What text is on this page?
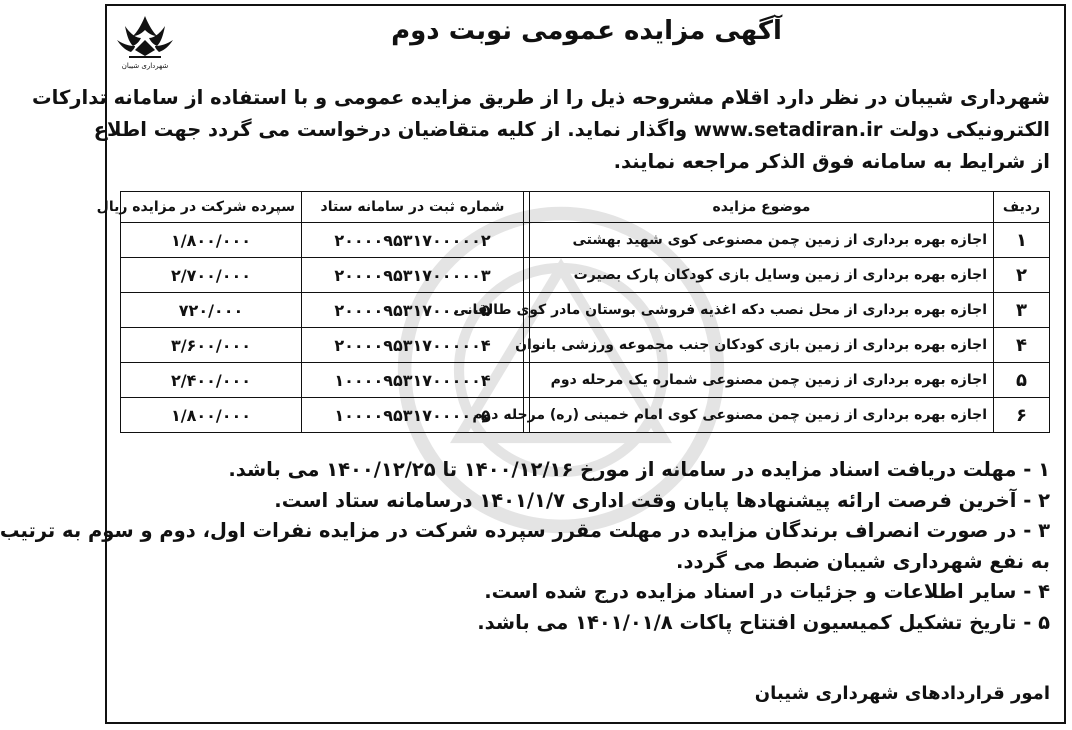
شهرداری شیبان
آگهی مزایده عمومی نوبت دوم

شهرداری شیبان در نظر دارد اقلام مشروحه ذیل را از طریق مزایده عمومی و با استفاده از سامانه تدارکات

الکترونیکی دولت www.setadiran.ir واگذار نماید. از کلیه متقاضیان درخواست می گردد جهت اطلاع

از شرایط به سامانه فوق الذکر مراجعه نمایند.

ردیف	موضوع مزایده		شماره ثبت در سامانه ستاد	سپرده شرکت در مزایده ریال
۱	اجازه بهره برداری از زمین چمن مصنوعی کوی شهید بهشتی		۲۰۰۰۰۹۵۳۱۷۰۰۰۰۰۲	۱/۸۰۰/۰۰۰
۲	اجازه بهره برداری از زمین وسایل بازی کودکان پارک بصیرت		۲۰۰۰۰۹۵۳۱۷۰۰۰۰۰۳	۲/۷۰۰/۰۰۰
۳	اجازه بهره برداری از محل نصب دکه اغذیه فروشی بوستان مادر کوی طالقانی		۲۰۰۰۰۹۵۳۱۷۰۰۰۰۰۵	۷۲۰/۰۰۰
۴	اجازه بهره برداری از زمین بازی کودکان جنب مجموعه ورزشی بانوان		۲۰۰۰۰۹۵۳۱۷۰۰۰۰۰۴	۳/۶۰۰/۰۰۰
۵	اجازه بهره برداری از زمین چمن مصنوعی شماره یک مرحله دوم		۱۰۰۰۰۹۵۳۱۷۰۰۰۰۰۴	۲/۴۰۰/۰۰۰
۶	اجازه بهره برداری از زمین چمن مصنوعی کوی امام خمینی (ره) مرحله دوم		۱۰۰۰۰۹۵۳۱۷۰۰۰۰۰۵	۱/۸۰۰/۰۰۰

۱ - مهلت دریافت اسناد مزایده در سامانه از مورخ ۱۴۰۰/۱۲/۱۶ تا ۱۴۰۰/۱۲/۲۵ می باشد.

۲ - آخرین فرصت ارائه پیشنهادها پایان وقت اداری ۱۴۰۱/۱/۷ درسامانه ستاد است.

۳ - در صورت انصراف برندگان مزایده در مهلت مقرر سپرده شرکت در مزایده نفرات اول، دوم و سوم به ترتیب

به نفع شهرداری شیبان ضبط می گردد.

۴ - سایر اطلاعات و جزئیات در اسناد مزایده درج شده است.

۵ - تاریخ تشکیل کمیسیون افتتاح پاکات ۱۴۰۱/۰۱/۸ می باشد.

امور قراردادهای شهرداری شیبان
